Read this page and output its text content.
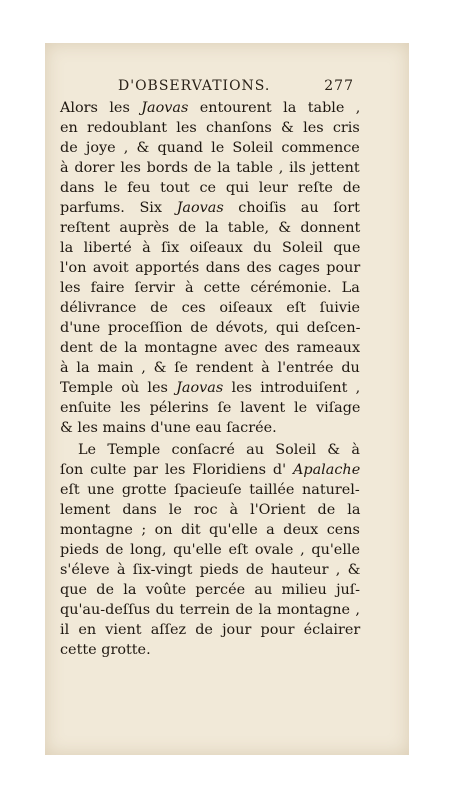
D'OBSERVATIONS.	277
Alors les Jaovas entourent la table ,
en redoublant les chanſons & les cris
de joye , & quand le Soleil commence
à dorer les bords de la table , ils jettent
dans le feu tout ce qui leur reſte de
parfums. Six Jaovas choiſis au ſort
reſtent auprès de la table, & donnent
la liberté à ſix oiſeaux du Soleil que
l'on avoit apportés dans des cages pour
les faire ſervir à cette cérémonie. La
délivrance de ces oiſeaux eſt ſuivie
d'une proceſſion de dévots, qui deſcen-
dent de la montagne avec des rameaux
à la main , & ſe rendent à l'entrée du
Temple où les Jaovas les introduiſent ,
enſuite les pélerins ſe lavent le viſage
& les mains d'une eau ſacrée.
Le Temple conſacré au Soleil & à
ſon culte par les Floridiens d' Apalache
eſt une grotte ſpacieuſe taillée naturel-
lement dans le roc à l'Orient de la
montagne ; on dit qu'elle a deux cens
pieds de long, qu'elle eſt ovale , qu'elle
s'éleve à ſix-vingt pieds de hauteur , &
que de la voûte percée au milieu juſ-
qu'au-deſſus du terrein de la montagne ,
il en vient aſſez de jour pour éclairer
cette grotte.
